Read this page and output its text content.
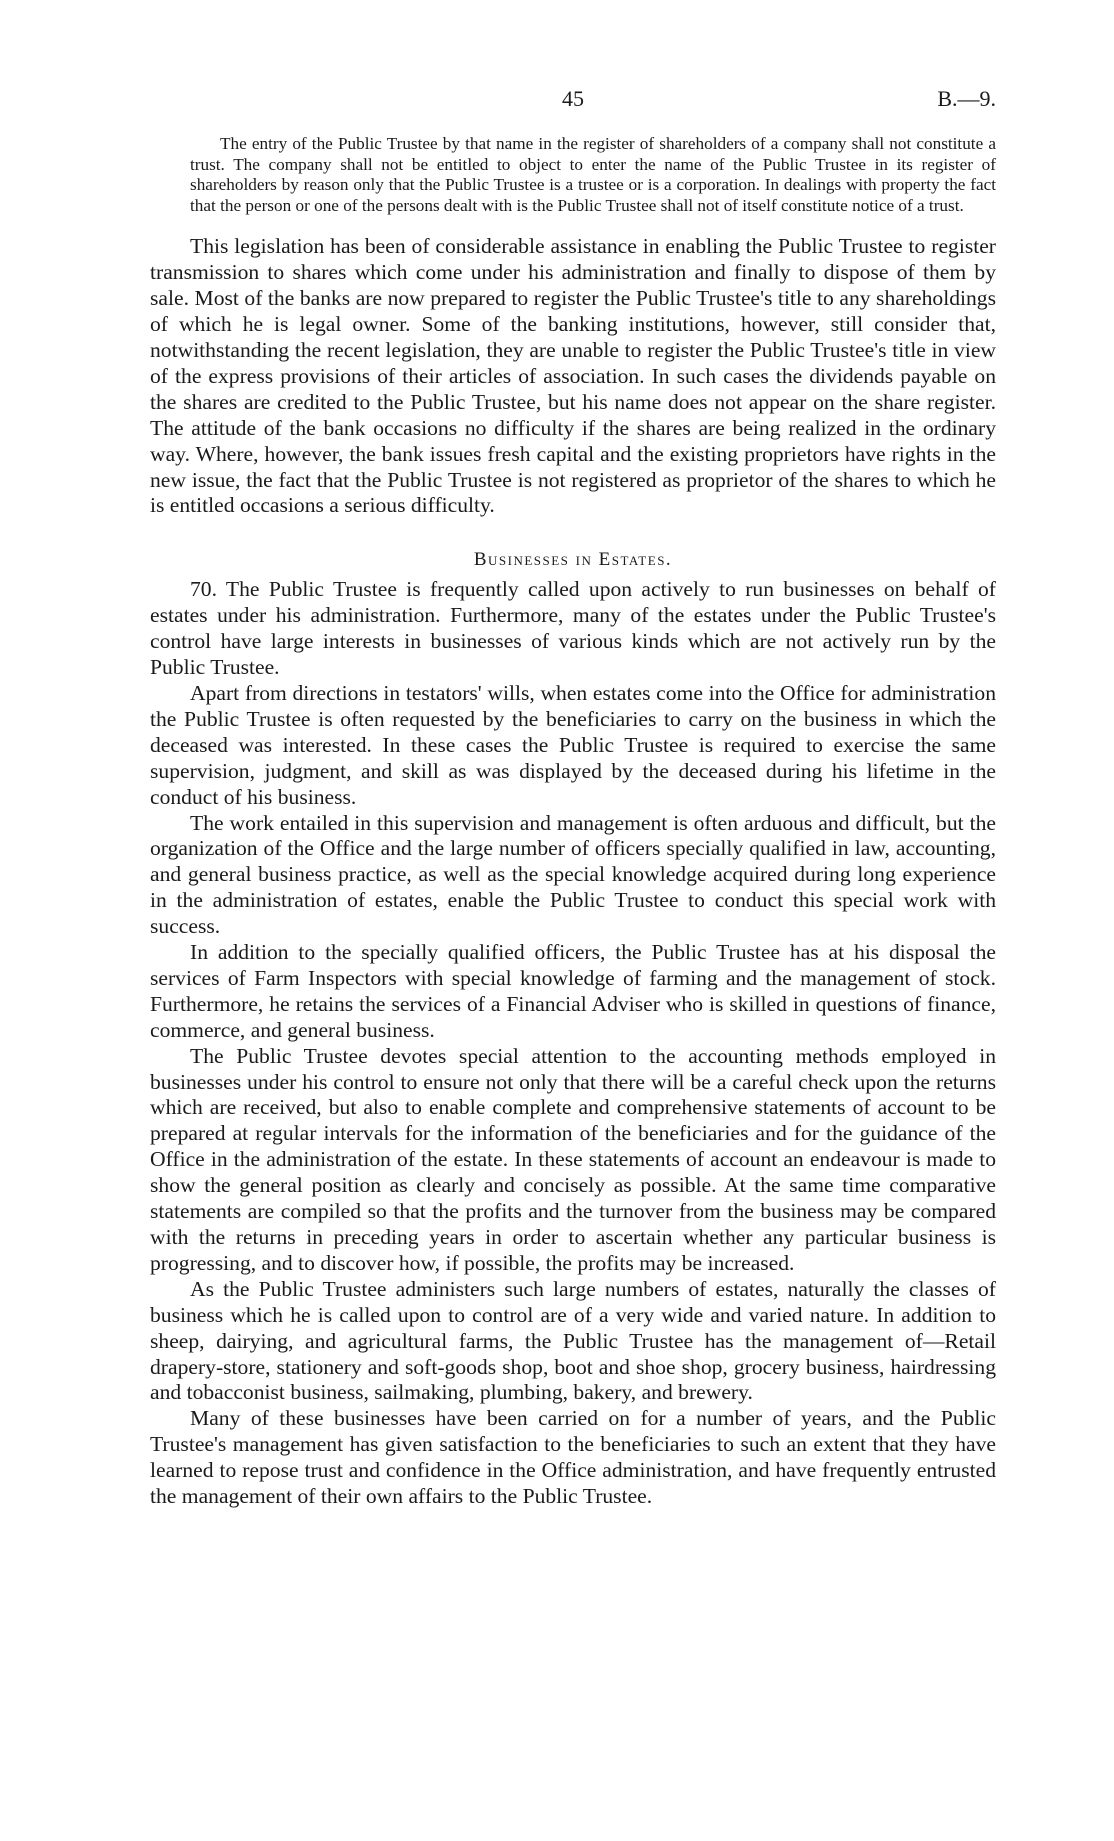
45	B.—9.

The entry of the Public Trustee by that name in the register of shareholders of a company shall not constitute a trust. The company shall not be entitled to object to enter the name of the Public Trustee in its register of shareholders by reason only that the Public Trustee is a trustee or is a corporation. In dealings with property the fact that the person or one of the persons dealt with is the Public Trustee shall not of itself constitute notice of a trust.

This legislation has been of considerable assistance in enabling the Public Trustee to register transmission to shares which come under his administration and finally to dispose of them by sale. Most of the banks are now prepared to register the Public Trustee's title to any shareholdings of which he is legal owner. Some of the banking institutions, however, still consider that, notwithstanding the recent legislation, they are unable to register the Public Trustee's title in view of the express provisions of their articles of association. In such cases the dividends payable on the shares are credited to the Public Trustee, but his name does not appear on the share register. The attitude of the bank occasions no difficulty if the shares are being realized in the ordinary way. Where, however, the bank issues fresh capital and the existing proprietors have rights in the new issue, the fact that the Public Trustee is not registered as proprietor of the shares to which he is entitled occasions a serious difficulty.

Businesses in Estates.

70. The Public Trustee is frequently called upon actively to run businesses on behalf of estates under his administration. Furthermore, many of the estates under the Public Trustee's control have large interests in businesses of various kinds which are not actively run by the Public Trustee.

Apart from directions in testators' wills, when estates come into the Office for administration the Public Trustee is often requested by the beneficiaries to carry on the business in which the deceased was interested. In these cases the Public Trustee is required to exercise the same supervision, judgment, and skill as was displayed by the deceased during his lifetime in the conduct of his business.

The work entailed in this supervision and management is often arduous and difficult, but the organization of the Office and the large number of officers specially qualified in law, accounting, and general business practice, as well as the special knowledge acquired during long experience in the administration of estates, enable the Public Trustee to conduct this special work with success.

In addition to the specially qualified officers, the Public Trustee has at his disposal the services of Farm Inspectors with special knowledge of farming and the management of stock. Furthermore, he retains the services of a Financial Adviser who is skilled in questions of finance, commerce, and general business.

The Public Trustee devotes special attention to the accounting methods employed in businesses under his control to ensure not only that there will be a careful check upon the returns which are received, but also to enable complete and comprehensive statements of account to be prepared at regular intervals for the information of the beneficiaries and for the guidance of the Office in the administration of the estate. In these statements of account an endeavour is made to show the general position as clearly and concisely as possible. At the same time comparative statements are compiled so that the profits and the turnover from the business may be compared with the returns in preceding years in order to ascertain whether any particular business is progressing, and to discover how, if possible, the profits may be increased.

As the Public Trustee administers such large numbers of estates, naturally the classes of business which he is called upon to control are of a very wide and varied nature. In addition to sheep, dairying, and agricultural farms, the Public Trustee has the management of—Retail drapery-store, stationery and soft-goods shop, boot and shoe shop, grocery business, hairdressing and tobacconist business, sailmaking, plumbing, bakery, and brewery.

Many of these businesses have been carried on for a number of years, and the Public Trustee's management has given satisfaction to the beneficiaries to such an extent that they have learned to repose trust and confidence in the Office administration, and have frequently entrusted the management of their own affairs to the Public Trustee.
